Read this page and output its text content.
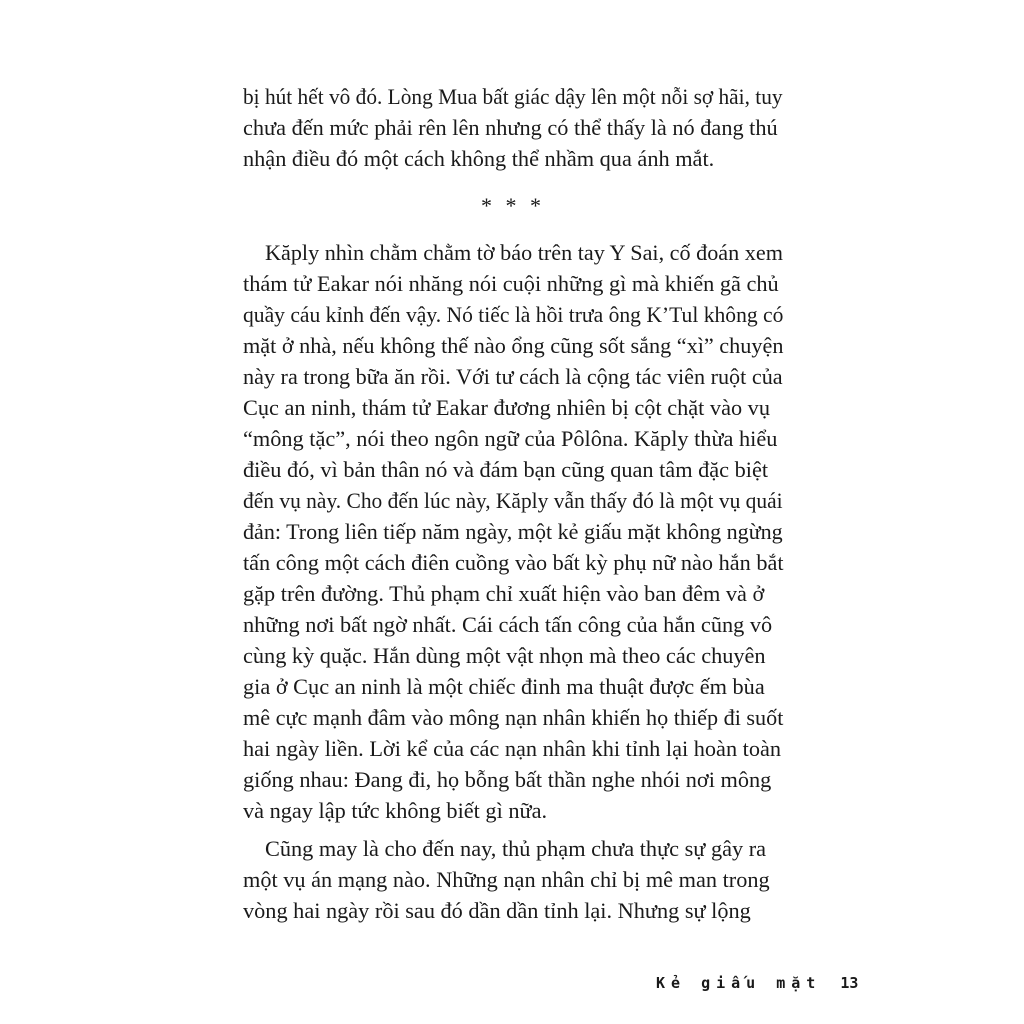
bị hút hết vô đó. Lòng Mua bất giác dậy lên một nỗi sợ hãi, tuy
chưa đến mức phải rên lên nhưng có thể thấy là nó đang thú
nhận điều đó một cách không thể nhầm qua ánh mắt.
* * *
Kăply nhìn chằm chằm tờ báo trên tay Y Sai, cố đoán xem
thám tử Eakar nói nhăng nói cuội những gì mà khiến gã chủ
quầy cáu kỉnh đến vậy. Nó tiếc là hồi trưa ông K’Tul không có
mặt ở nhà, nếu không thế nào ổng cũng sốt sắng “xì” chuyện
này ra trong bữa ăn rồi. Với tư cách là cộng tác viên ruột của
Cục an ninh, thám tử Eakar đương nhiên bị cột chặt vào vụ
“mông tặc”, nói theo ngôn ngữ của Pôlôna. Kăply thừa hiểu
điều đó, vì bản thân nó và đám bạn cũng quan tâm đặc biệt
đến vụ này. Cho đến lúc này, Kăply vẫn thấy đó là một vụ quái
đản: Trong liên tiếp năm ngày, một kẻ giấu mặt không ngừng
tấn công một cách điên cuồng vào bất kỳ phụ nữ nào hắn bắt
gặp trên đường. Thủ phạm chỉ xuất hiện vào ban đêm và ở
những nơi bất ngờ nhất. Cái cách tấn công của hắn cũng vô
cùng kỳ quặc. Hắn dùng một vật nhọn mà theo các chuyên
gia ở Cục an ninh là một chiếc đinh ma thuật được ếm bùa
mê cực mạnh đâm vào mông nạn nhân khiến họ thiếp đi suốt
hai ngày liền. Lời kể của các nạn nhân khi tỉnh lại hoàn toàn
giống nhau: Đang đi, họ bỗng bất thần nghe nhói nơi mông
và ngay lập tức không biết gì nữa.
Cũng may là cho đến nay, thủ phạm chưa thực sự gây ra
một vụ án mạng nào. Những nạn nhân chỉ bị mê man trong
vòng hai ngày rồi sau đó dần dần tỉnh lại. Nhưng sự lộng
Kẻ giấu mặt 13
